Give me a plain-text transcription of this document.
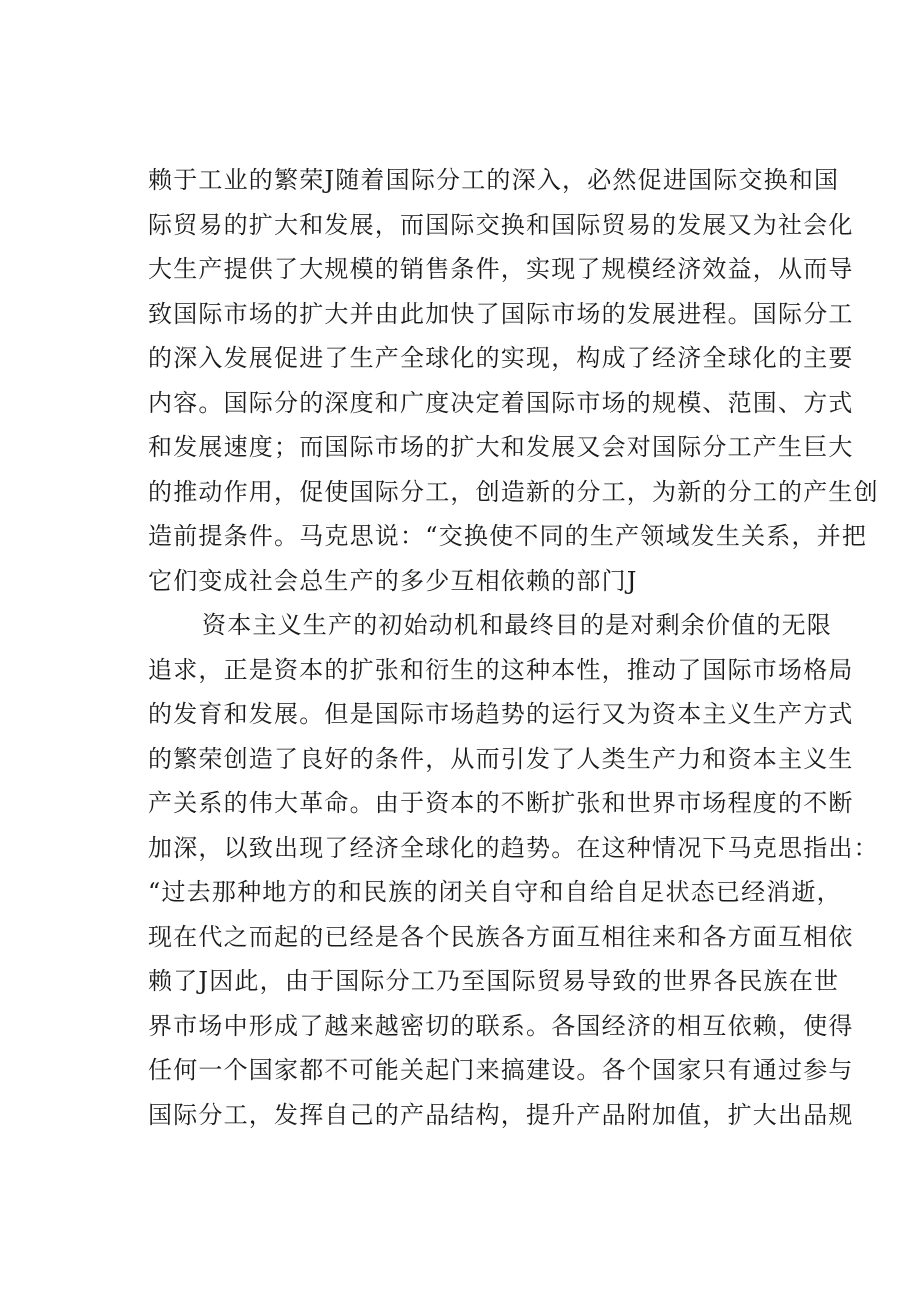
赖于工业的繁荣J随着国际分工的深入，必然促进国际交换和国
际贸易的扩大和发展，而国际交换和国际贸易的发展又为社会化
大生产提供了大规模的销售条件，实现了规模经济效益，从而导
致国际市场的扩大并由此加快了国际市场的发展进程。国际分工
的深入发展促进了生产全球化的实现，构成了经济全球化的主要
内容。国际分的深度和广度决定着国际市场的规模、范围、方式
和发展速度；而国际市场的扩大和发展又会对国际分工产生巨大
的推动作用，促使国际分工，创造新的分工，为新的分工的产生创
造前提条件。马克思说：“交换使不同的生产领域发生关系，并把
它们变成社会总生产的多少互相依赖的部门J
资本主义生产的初始动机和最终目的是对剩余价值的无限
追求，正是资本的扩张和衍生的这种本性，推动了国际市场格局
的发育和发展。但是国际市场趋势的运行又为资本主义生产方式
的繁荣创造了良好的条件，从而引发了人类生产力和资本主义生
产关系的伟大革命。由于资本的不断扩张和世界市场程度的不断
加深，以致出现了经济全球化的趋势。在这种情况下马克思指出：
“过去那种地方的和民族的闭关自守和自给自足状态已经消逝，
现在代之而起的已经是各个民族各方面互相往来和各方面互相依
赖了J因此，由于国际分工乃至国际贸易导致的世界各民族在世
界市场中形成了越来越密切的联系。各国经济的相互依赖，使得
任何一个国家都不可能关起门来搞建设。各个国家只有通过参与
国际分工，发挥自己的产品结构，提升产品附加值，扩大出品规
